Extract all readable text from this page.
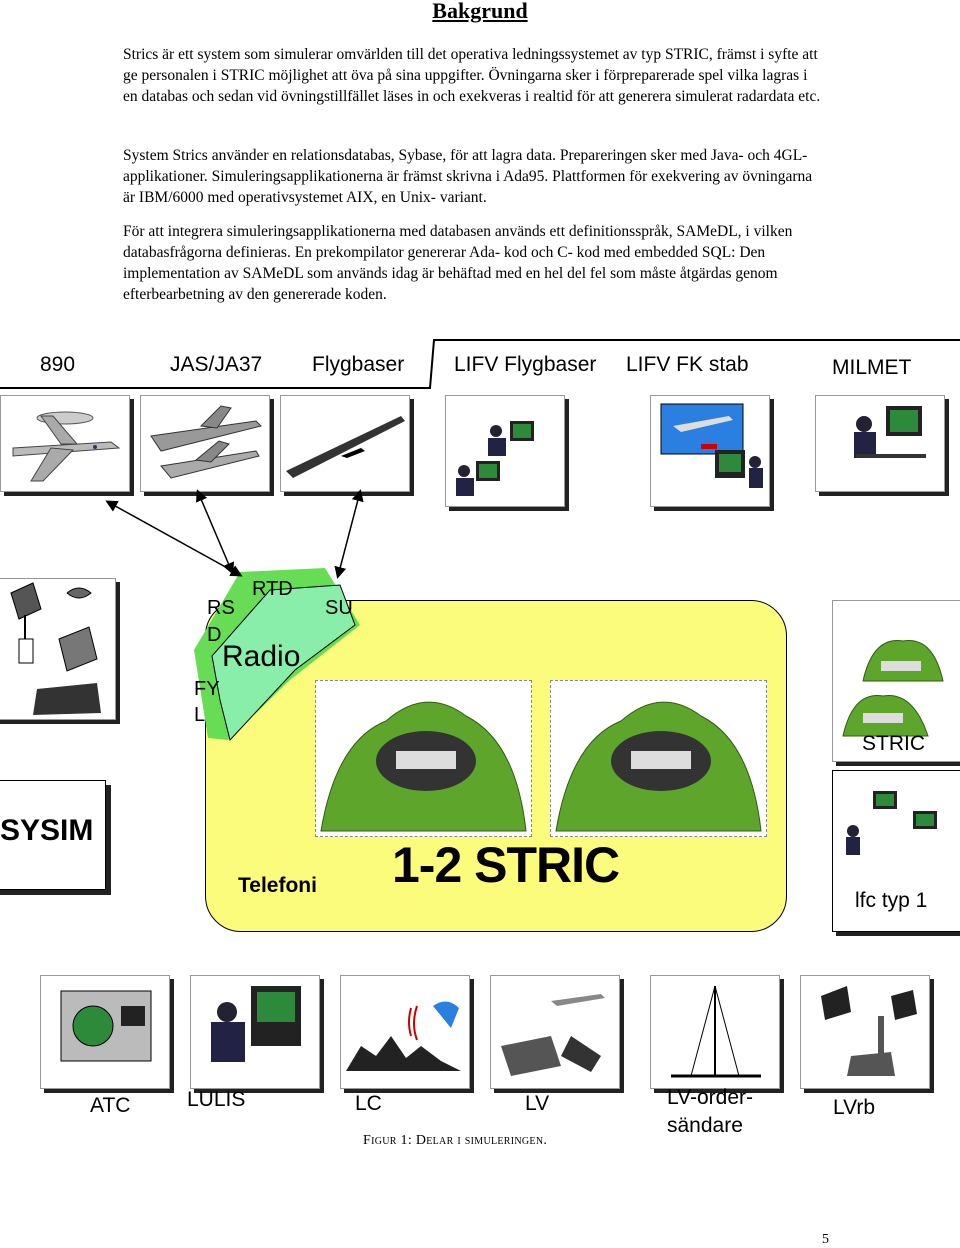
Bakgrund
Strics är ett system som simulerar omvärlden till det operativa ledningssystemet av typ STRIC, främst i syfte att ge personalen i STRIC möjlighet att öva på sina uppgifter. Övningarna sker i förpreparerade spel vilka lagras i en databas och sedan vid övningstillfället läses in och exekveras i realtid för att generera simulerat radardata etc.
System Strics använder en relationsdatabas, Sybase, för att lagra data. Prepareringen sker med Java- och 4GL- applikationer. Simuleringsapplikationerna är främst skrivna i Ada95. Plattformen för exekvering av övningarna är IBM/6000 med operativsystemet AIX, en Unix- variant.
För att integrera simuleringsapplikationerna med databasen används ett definitionsspråk, SAMeDL, i vilken databasfrågorna definieras. En prekompilator genererar Ada- kod och C- kod med embedded SQL: Den implementation av SAMeDL som används idag är behäftad med en hel del fel som måste åtgärdas genom efterbearbetning av den genererade koden.
890	JAS/JA37 Flygbaser LIFV Flygbaser LIFV FK stab	MILMET
RTD
RS	SU
D
Radio
FY
L
STRIC
lfc typ 1
SYSIM
Telefoni 1-2 STRIC
ATC	LULIS	LC	LV	LV-order-
sändare
LVrb
Figur 1: Delar i simuleringen.
5
